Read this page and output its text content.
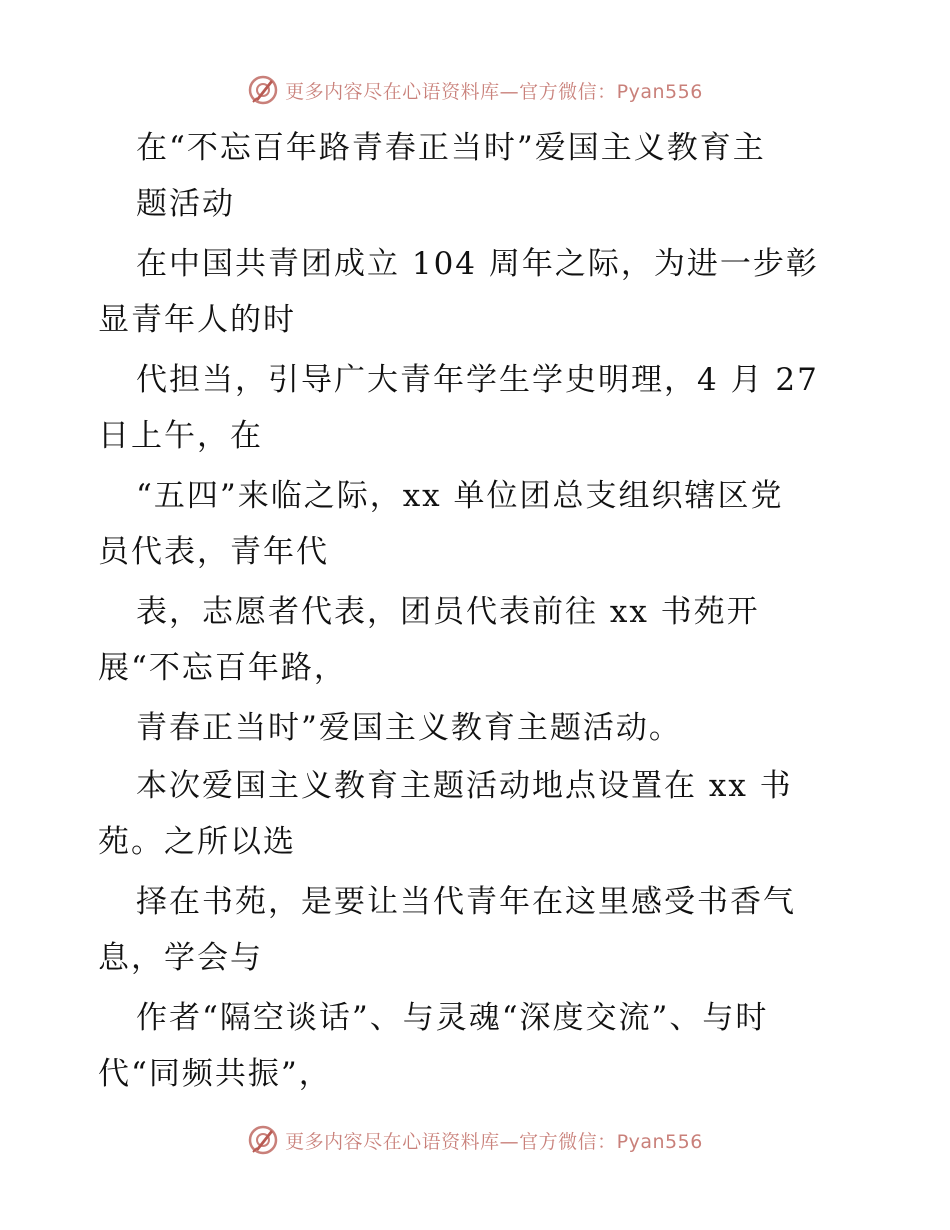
更多内容尽在心语资料库—官方微信：Pyan556
在“不忘百年路青春正当时”爱国主义教育主
题活动
在中国共青团成立 104 周年之际，为进一步彰
显青年人的时
代担当，引导广大青年学生学史明理，4 月 27
日上午，在
“五四”来临之际，xx 单位团总支组织辖区党
员代表，青年代
表，志愿者代表，团员代表前往 xx 书苑开
展“不忘百年路，
青春正当时”爱国主义教育主题活动。
本次爱国主义教育主题活动地点设置在 xx 书
苑。之所以选
择在书苑，是要让当代青年在这里感受书香气
息，学会与
作者“隔空谈话”、与灵魂“深度交流”、与时
代“同频共振”，
更多内容尽在心语资料库—官方微信：Pyan556
